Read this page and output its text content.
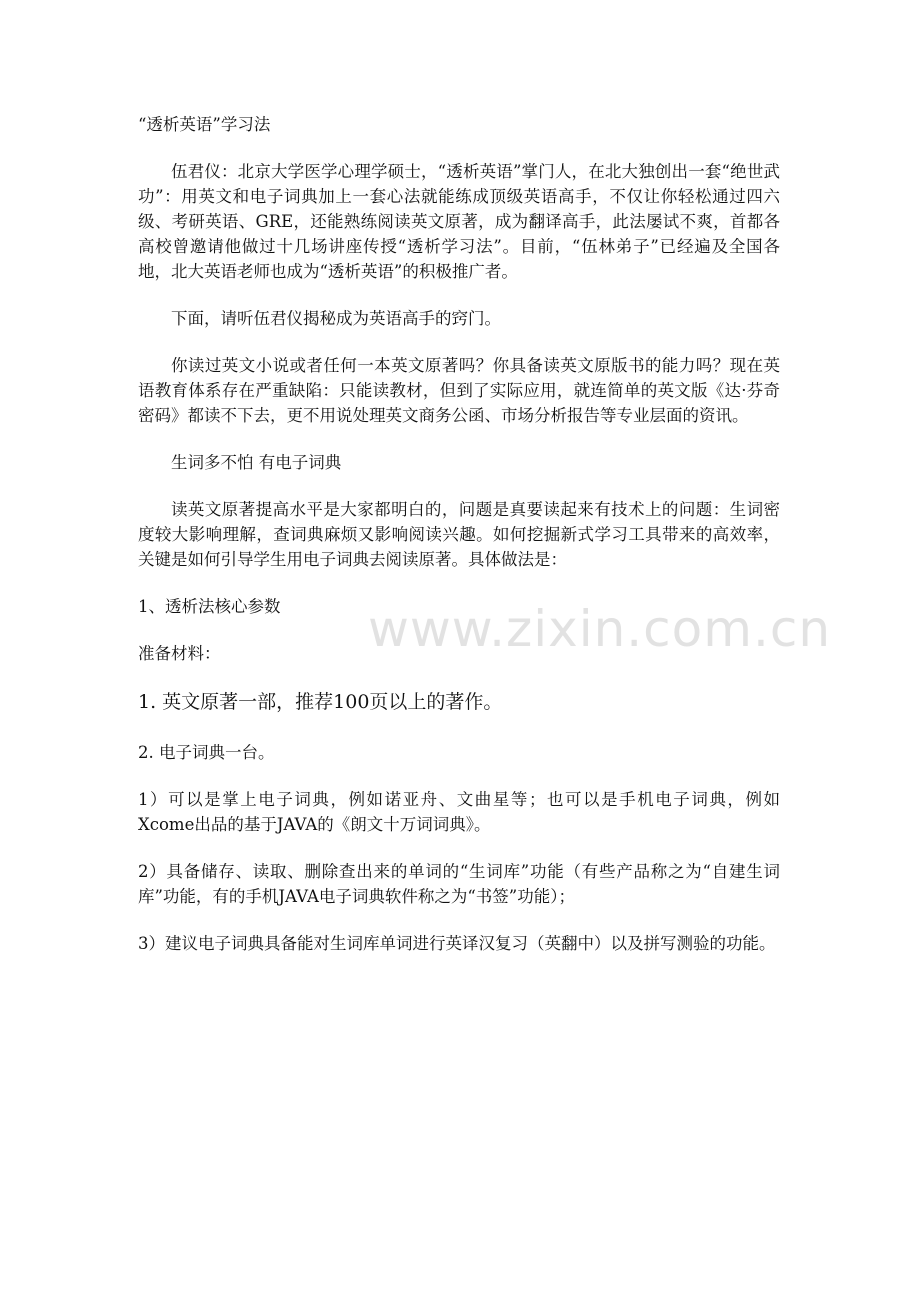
www.zixin.com.cn

“透析英语”学习法

伍君仪：北京大学医学心理学硕士，“透析英语”掌门人，在北大独创出一套“绝世武功”：用英文和电子词典加上一套心法就能练成顶级英语高手，不仅让你轻松通过四六级、考研英语、GRE，还能熟练阅读英文原著，成为翻译高手，此法屡试不爽，首都各高校曾邀请他做过十几场讲座传授“透析学习法”。目前，“伍林弟子”已经遍及全国各地，北大英语老师也成为“透析英语”的积极推广者。

下面，请听伍君仪揭秘成为英语高手的窍门。

你读过英文小说或者任何一本英文原著吗？你具备读英文原版书的能力吗？现在英语教育体系存在严重缺陷：只能读教材，但到了实际应用，就连简单的英文版《达·芬奇密码》都读不下去，更不用说处理英文商务公函、市场分析报告等专业层面的资讯。

生词多不怕 有电子词典

读英文原著提高水平是大家都明白的，问题是真要读起来有技术上的问题：生词密度较大影响理解，查词典麻烦又影响阅读兴趣。如何挖掘新式学习工具带来的高效率，关键是如何引导学生用电子词典去阅读原著。具体做法是：

1、透析法核心参数

准备材料：

1. 英文原著一部，推荐100页以上的著作。

2. 电子词典一台。

1）可以是掌上电子词典，例如诺亚舟、文曲星等；也可以是手机电子词典，例如Xcome出品的基于JAVA的《朗文十万词词典》。

2）具备储存、读取、删除查出来的单词的“生词库”功能（有些产品称之为“自建生词库”功能，有的手机JAVA电子词典软件称之为“书签”功能）；

3）建议电子词典具备能对生词库单词进行英译汉复习（英翻中）以及拼写测验的功能。
